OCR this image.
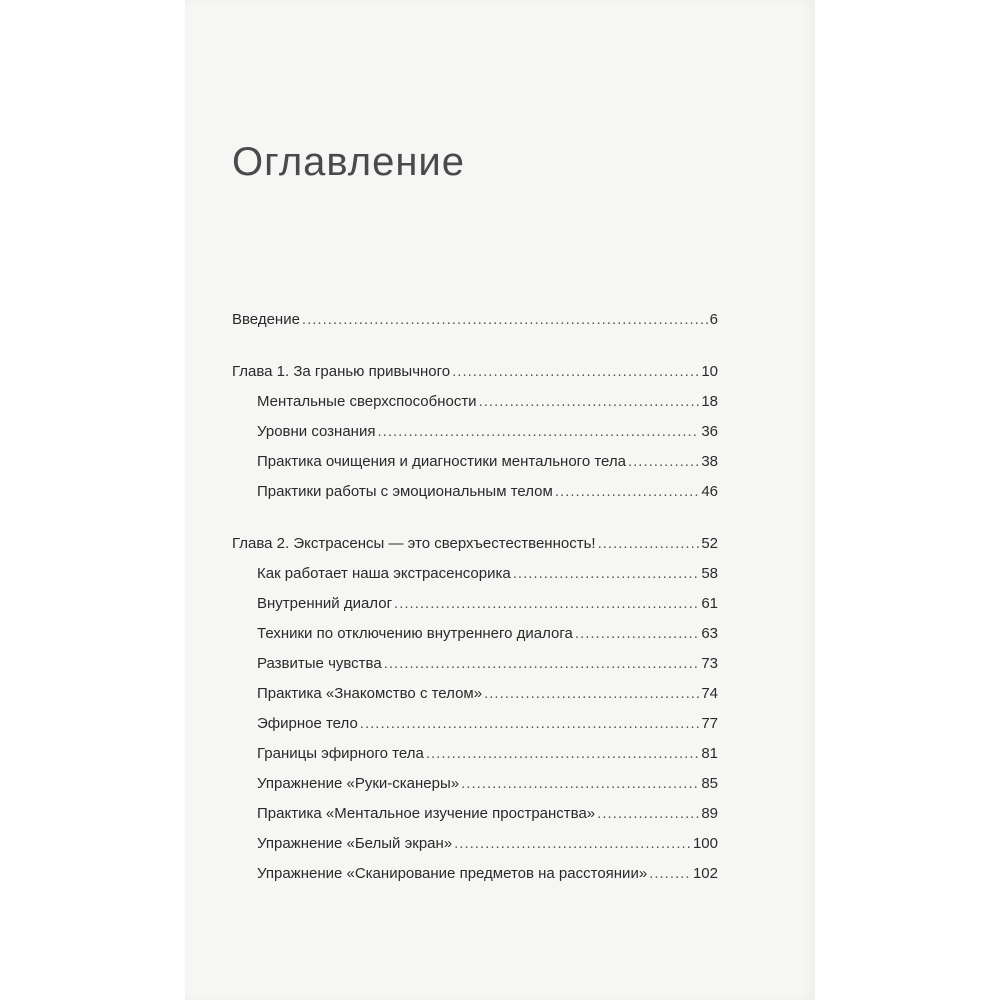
Оглавление
Введение .....	6
Глава 1. За гранью привычного .....	10
Ментальные сверхспособности .....	18
Уровни сознания .....	36
Практика очищения и диагностики ментального тела .....	38
Практики работы с эмоциональным телом .....	46
Глава 2. Экстрасенсы — это сверхъестественность! .....	52
Как работает наша экстрасенсорика .....	58
Внутренний диалог .....	61
Техники по отключению внутреннего диалога .....	63
Развитые чувства .....	73
Практика «Знакомство с телом» .....	74
Эфирное тело .....	77
Границы эфирного тела .....	81
Упражнение «Руки-сканеры» .....	85
Практика «Ментальное изучение пространства» .....	89
Упражнение «Белый экран» .....	100
Упражнение «Сканирование предметов на расстоянии» .....	102
